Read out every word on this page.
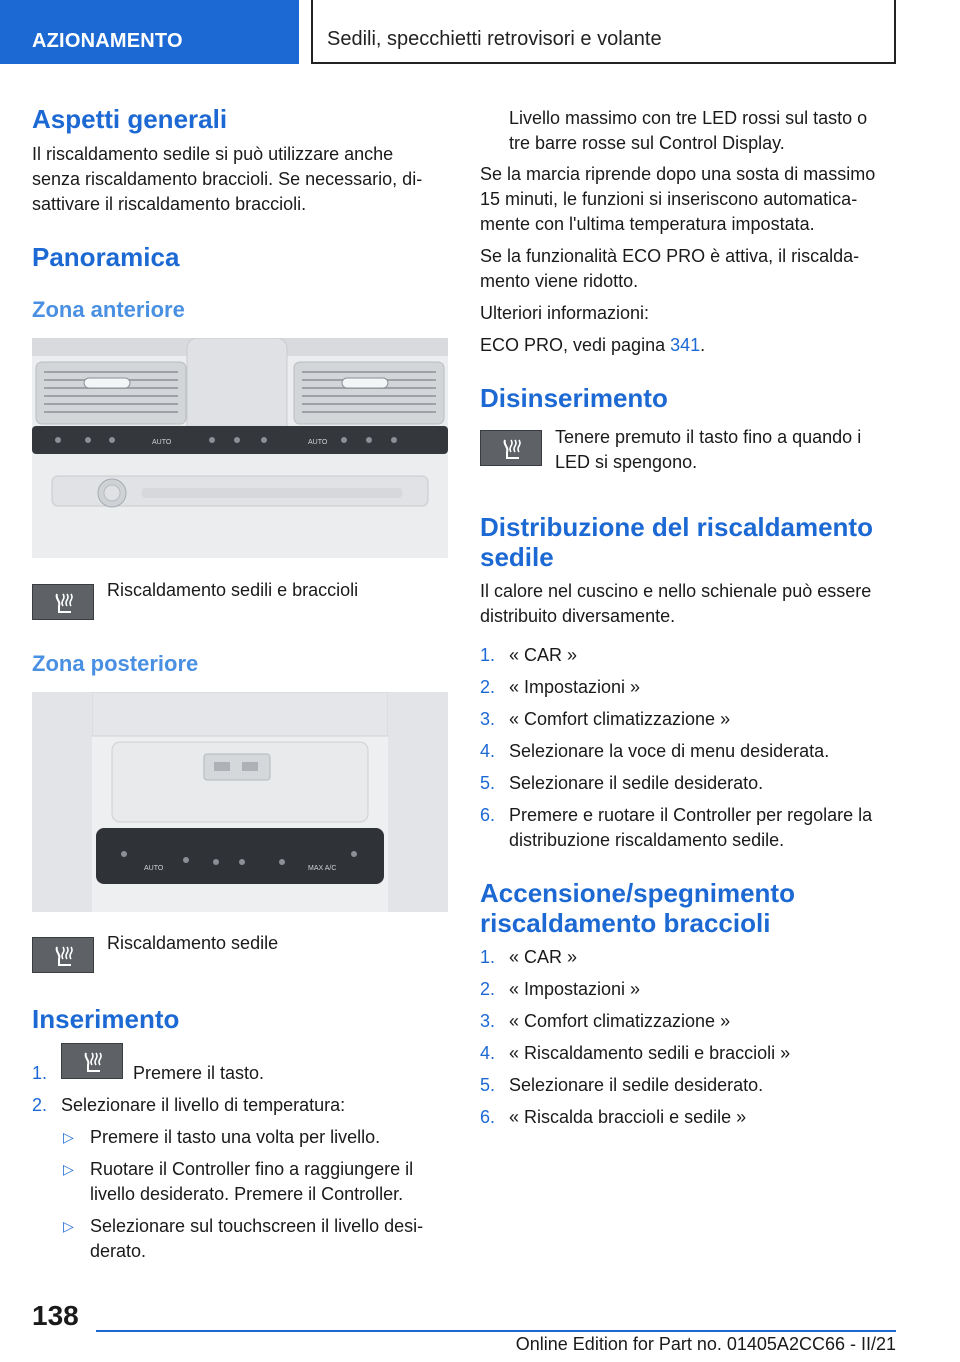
AZIONAMENTO	Sedili, specchietti retrovisori e volante
Aspetti generali

Il riscaldamento sedile si può utilizzare anche

senza riscaldamento braccioli. Se necessario, di-

sattivare il riscaldamento braccioli.

Panoramica
Zona anteriore
AUTO	AUTO

Riscaldamento sedili e braccioli

Zona posteriore
AUTO	MAX A/C

Riscaldamento sedile

Inserimento
1.	Premere il tasto.

2. Selezionare il livello di temperatura:

▷ Premere il tasto una volta per livello.

▷ Ruotare il Controller fino a raggiungere il

livello desiderato. Premere il Controller.

▷ Selezionare sul touchscreen il livello desi-

derato.

Livello massimo con tre LED rossi sul tasto o

tre barre rosse sul Control Display.

Se la marcia riprende dopo una sosta di massimo

15 minuti, le funzioni si inseriscono automatica-

mente con l'ultima temperatura impostata.

Se la funzionalità ECO PRO è attiva, il riscalda-

mento viene ridotto.

Ulteriori informazioni:

ECO PRO, vedi pagina 341.

Disinserimento

Tenere premuto il tasto fino a quando i

LED si spengono.

Distribuzione del riscaldamento
sedile

Il calore nel cuscino e nello schienale può essere

distribuito diversamente.

1. « CAR »

2. « Impostazioni »

3. « Comfort climatizzazione »

4. Selezionare la voce di menu desiderata.

5. Selezionare il sedile desiderato.

6. Premere e ruotare il Controller per regolare la

distribuzione riscaldamento sedile.

Accensione/spegnimento
riscaldamento braccioli
1. « CAR »

2. « Impostazioni »

3. « Comfort climatizzazione »

4. « Riscaldamento sedili e braccioli »

5. Selezionare il sedile desiderato.

6. « Riscalda braccioli e sedile »

138
Online Edition for Part no. 01405A2CC66 - II/21
